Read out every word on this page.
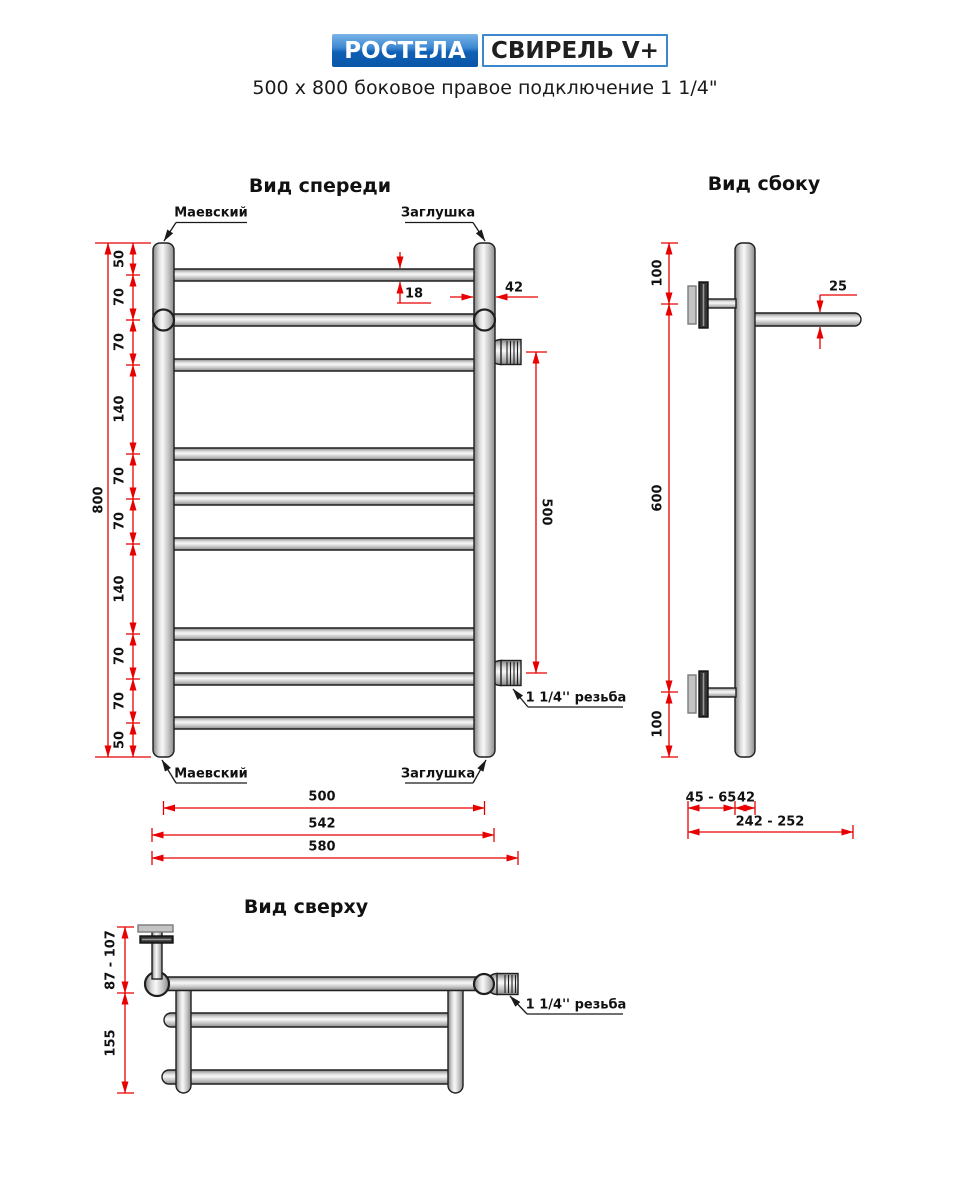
РОСТЕЛА	СВИРЕЛЬ V+
500 x 800 боковое правое подключение 1 1/4"
Вид спереди	Вид сбоку
Вид сверху
Маевский	Заглушка
Маевский	Заглушка
1 1/4'' резьба
18	42
800
50
70
70
140
70
70
140
70
70
50
500
500
542
580
100
600
100
25
45 - 65 42
242 - 252
87 - 107
155
1 1/4'' резьба
